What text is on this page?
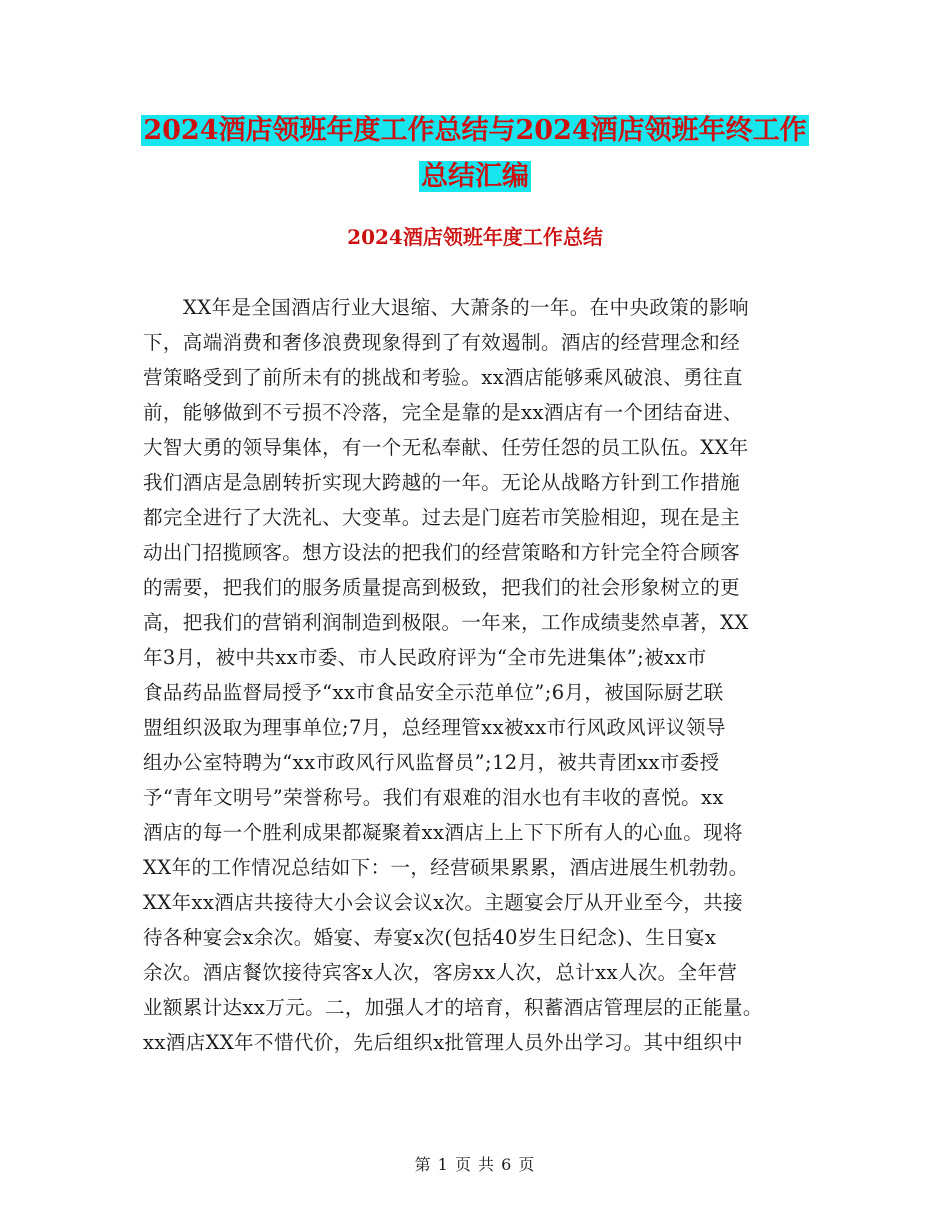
2024酒店领班年度工作总结与2024酒店领班年终工作
总结汇编
2024酒店领班年度工作总结
XX年是全国酒店行业大退缩、大萧条的一年。在中央政策的影响
下，高端消费和奢侈浪费现象得到了有效遏制。酒店的经营理念和经
营策略受到了前所未有的挑战和考验。xx酒店能够乘风破浪、勇往直
前，能够做到不亏损不冷落，完全是靠的是xx酒店有一个团结奋进、
大智大勇的领导集体，有一个无私奉献、任劳任怨的员工队伍。XX年
我们酒店是急剧转折实现大跨越的一年。无论从战略方针到工作措施
都完全进行了大洗礼、大变革。过去是门庭若市笑脸相迎，现在是主
动出门招揽顾客。想方设法的把我们的经营策略和方针完全符合顾客
的需要，把我们的服务质量提高到极致，把我们的社会形象树立的更
高，把我们的营销利润制造到极限。一年来，工作成绩斐然卓著，XX
年3月，被中共xx市委、市人民政府评为“全市先进集体”;被xx市
食品药品监督局授予“xx市食品安全示范单位”;6月，被国际厨艺联
盟组织汲取为理事单位;7月，总经理管xx被xx市行风政风评议领导
组办公室特聘为“xx市政风行风监督员”;12月，被共青团xx市委授
予“青年文明号”荣誉称号。我们有艰难的泪水也有丰收的喜悦。xx
酒店的每一个胜利成果都凝聚着xx酒店上上下下所有人的心血。现将
XX年的工作情况总结如下：一，经营硕果累累，酒店进展生机勃勃。
XX年xx酒店共接待大小会议会议x次。主题宴会厅从开业至今，共接
待各种宴会x余次。婚宴、寿宴x次(包括40岁生日纪念)、生日宴x
余次。酒店餐饮接待宾客x人次，客房xx人次，总计xx人次。全年营
业额累计达xx万元。二，加强人才的培育，积蓄酒店管理层的正能量。
xx酒店XX年不惜代价，先后组织x批管理人员外出学习。其中组织中
第 1 页 共 6 页
